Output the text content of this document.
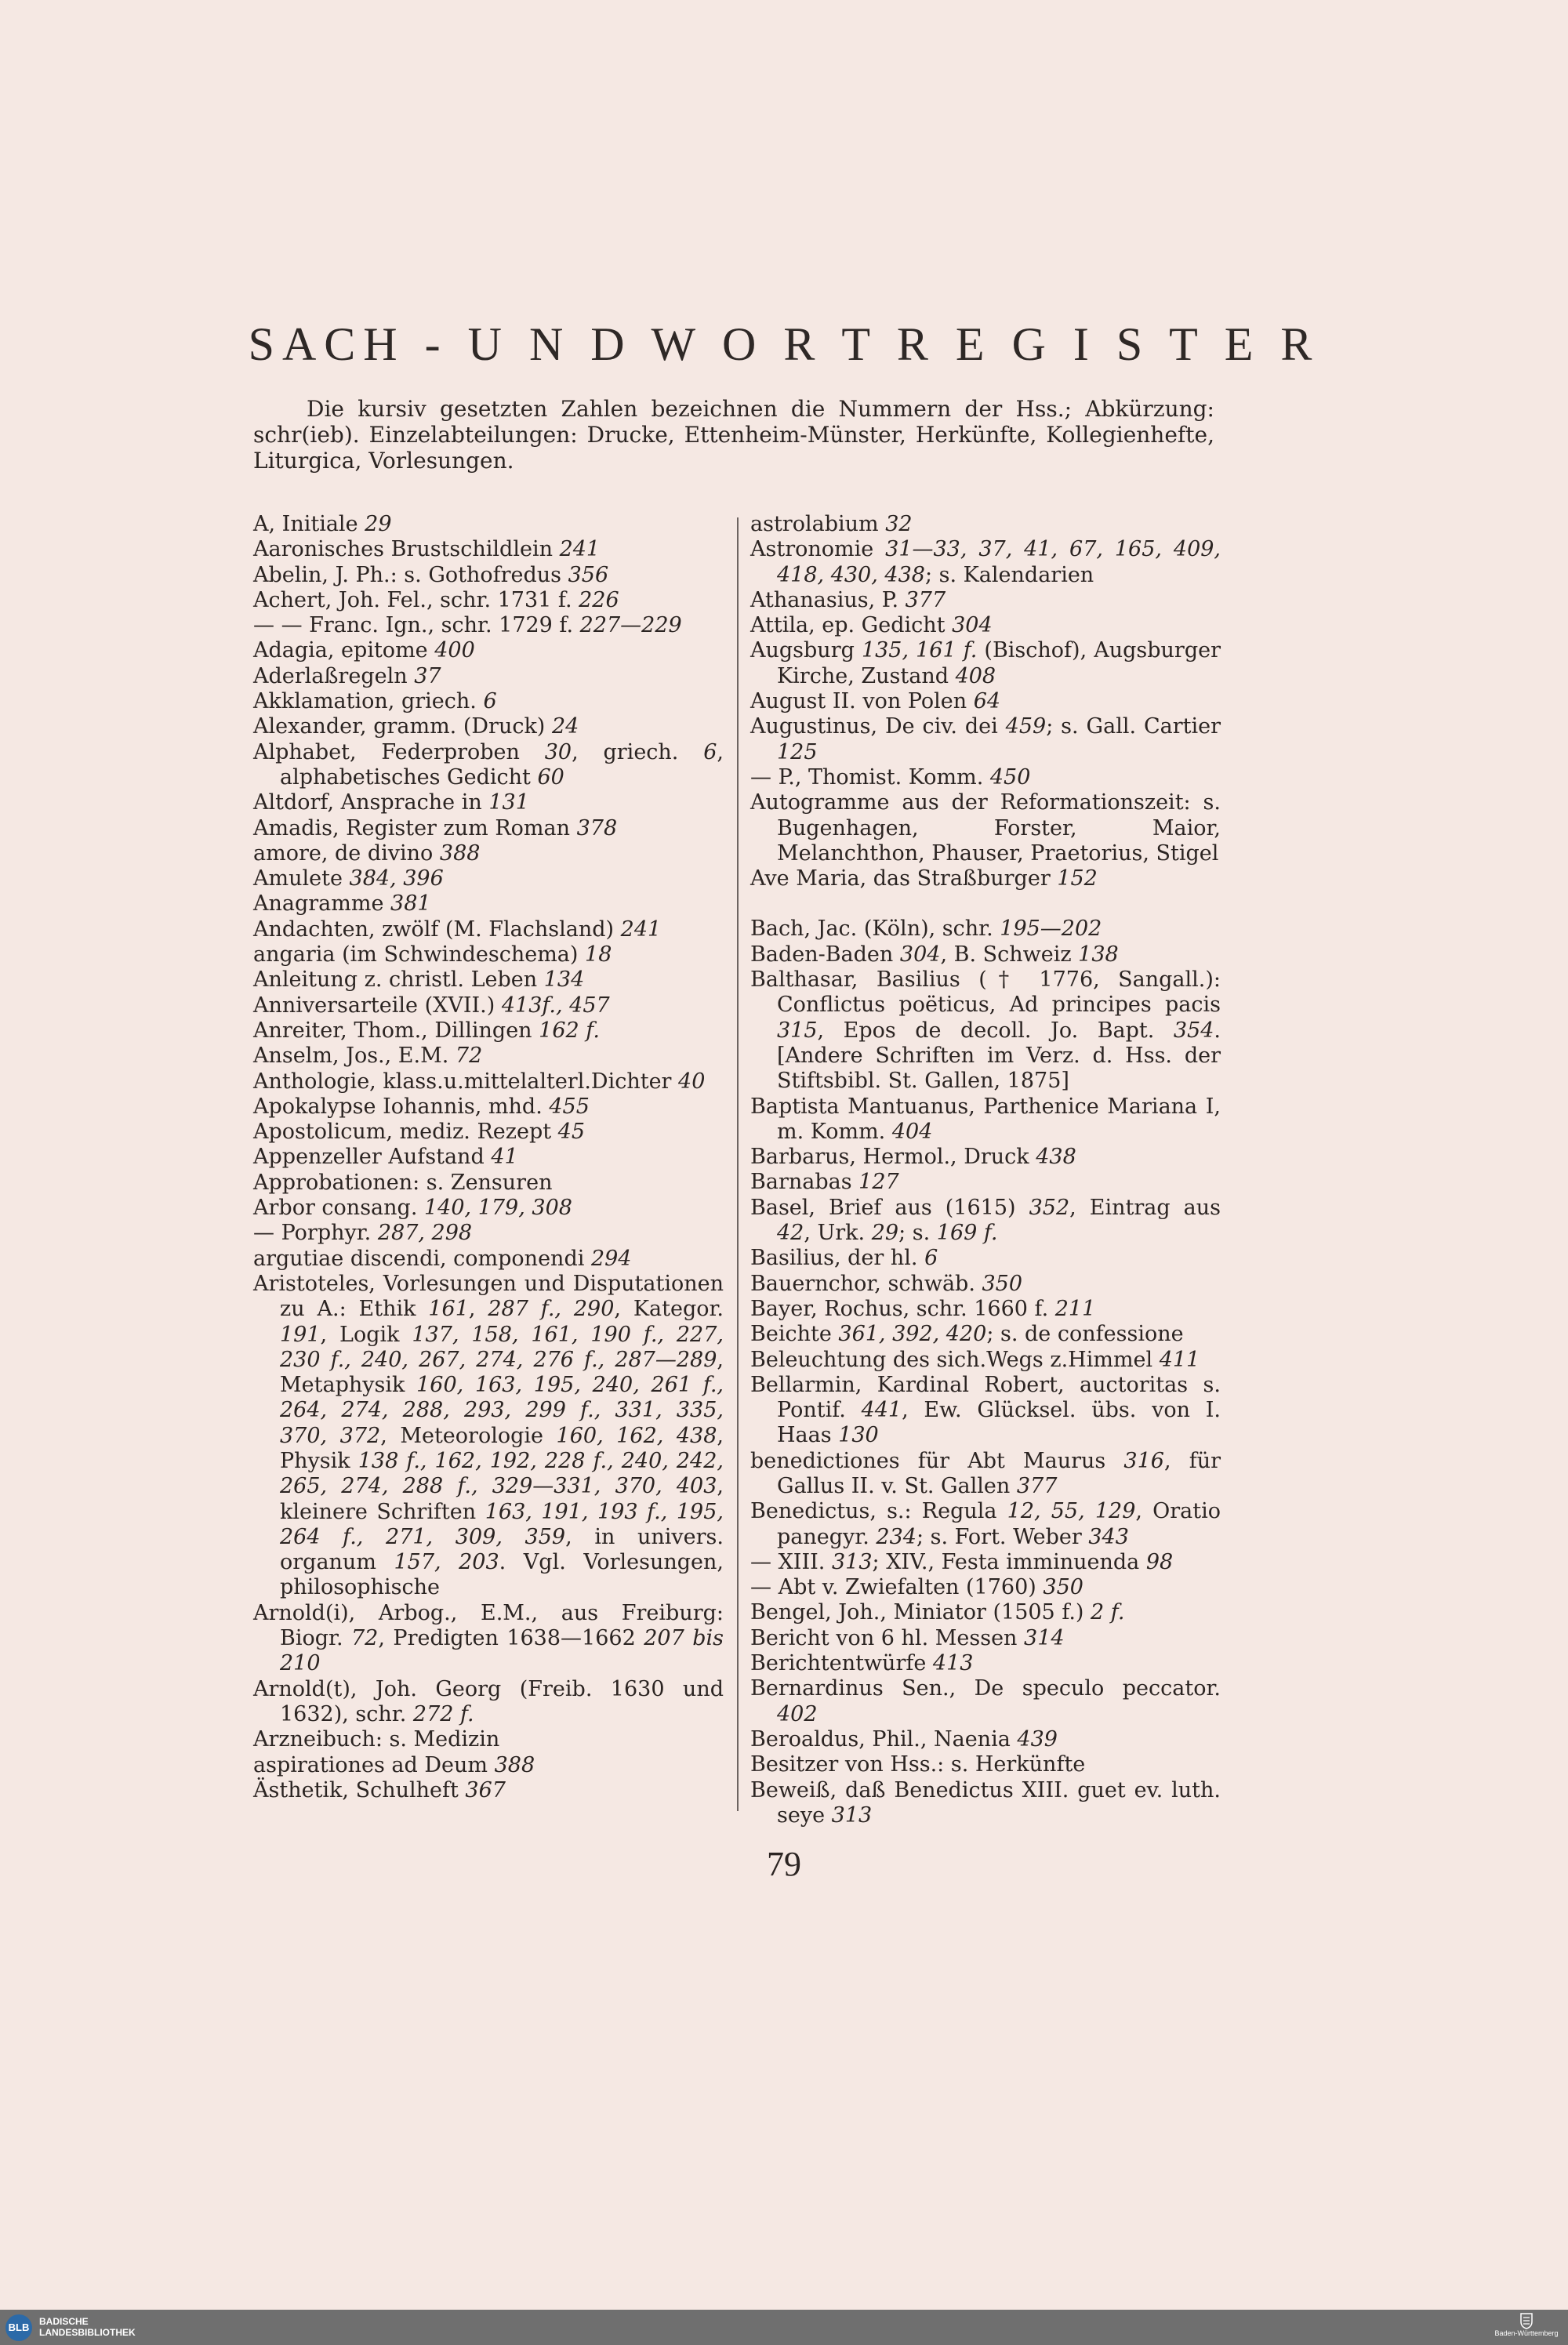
SACH - U N D W O R T R E G I S T E R

Die kursiv gesetzten Zahlen bezeichnen die Nummern der Hss.; Abkürzung: schr(ieb). Einzelabteilungen: Drucke, Ettenheim-Münster, Herkünfte, Kollegienhefte, Liturgica, Vorlesungen.

A, Initiale 29
Aaronisches Brustschildlein 241
Abelin, J. Ph.: s. Gothofredus 356
Achert, Joh. Fel., schr. 1731 f. 226
— — Franc. Ign., schr. 1729 f. 227—229
Adagia, epitome 400
Aderlaßregeln 37
Akklamation, griech. 6
Alexander, gramm. (Druck) 24
Alphabet, Federproben 30, griech. 6, alphabetisches Gedicht 60
Altdorf, Ansprache in 131
Amadis, Register zum Roman 378
amore, de divino 388
Amulete 384, 396
Anagramme 381
Andachten, zwölf (M. Flachsland) 241
angaria (im Schwindeschema) 18
Anleitung z. christl. Leben 134
Anniversarteile (XVII.) 413f., 457
Anreiter, Thom., Dillingen 162 f.
Anselm, Jos., E.M. 72
Anthologie, klass.u.mittelalterl.Dichter 40
Apokalypse Iohannis, mhd. 455
Apostolicum, mediz. Rezept 45
Appenzeller Aufstand 41
Approbationen: s. Zensuren
Arbor consang. 140, 179, 308
— Porphyr. 287, 298
argutiae discendi, componendi 294
Aristoteles, Vorlesungen und Disputationen zu A.: Ethik 161, 287 f., 290, Kategor. 191, Logik 137, 158, 161, 190 f., 227, 230 f., 240, 267, 274, 276 f., 287—289, Metaphysik 160, 163, 195, 240, 261 f., 264, 274, 288, 293, 299 f., 331, 335, 370, 372, Meteorologie 160, 162, 438, Physik 138 f., 162, 192, 228 f., 240, 242, 265, 274, 288 f., 329—331, 370, 403, kleinere Schriften 163, 191, 193 f., 195, 264 f., 271, 309, 359, in univers. organum 157, 203. Vgl. Vorlesungen, philosophische
Arnold(i), Arbog., E.M., aus Freiburg: Biogr. 72, Predigten 1638—1662 207 bis 210
Arnold(t), Joh. Georg (Freib. 1630 und 1632), schr. 272 f.
Arzneibuch: s. Medizin
aspirationes ad Deum 388
Ästhetik, Schulheft 367
astrolabium 32
Astronomie 31—33, 37, 41, 67, 165, 409, 418, 430, 438; s. Kalendarien
Athanasius, P. 377
Attila, ep. Gedicht 304
Augsburg 135, 161 f. (Bischof), Augsburger Kirche, Zustand 408
August II. von Polen 64
Augustinus, De civ. dei 459; s. Gall. Cartier 125
— P., Thomist. Komm. 450
Autogramme aus der Reformationszeit: s. Bugenhagen, Forster, Maior, Melanchthon, Phauser, Praetorius, Stigel
Ave Maria, das Straßburger 152
Bach, Jac. (Köln), schr. 195—202
Baden-Baden 304, B. Schweiz 138
Balthasar, Basilius († 1776, Sangall.): Conflictus poëticus, Ad principes pacis 315, Epos de decoll. Jo. Bapt. 354. [Andere Schriften im Verz. d. Hss. der Stiftsbibl. St. Gallen, 1875]
Baptista Mantuanus, Parthenice Mariana I, m. Komm. 404
Barbarus, Hermol., Druck 438
Barnabas 127
Basel, Brief aus (1615) 352, Eintrag aus 42, Urk. 29; s. 169 f.
Basilius, der hl. 6
Bauernchor, schwäb. 350
Bayer, Rochus, schr. 1660 f. 211
Beichte 361, 392, 420; s. de confessione
Beleuchtung des sich.Wegs z.Himmel 411
Bellarmin, Kardinal Robert, auctoritas s. Pontif. 441, Ew. Glücksel. übs. von I. Haas 130
benedictiones für Abt Maurus 316, für Gallus II. v. St. Gallen 377
Benedictus, s.: Regula 12, 55, 129, Oratio panegyr. 234; s. Fort. Weber 343
— XIII. 313; XIV., Festa imminuenda 98
— Abt v. Zwiefalten (1760) 350
Bengel, Joh., Miniator (1505 f.) 2 f.
Bericht von 6 hl. Messen 314
Berichtentwürfe 413
Bernardinus Sen., De speculo peccator. 402
Beroaldus, Phil., Naenia 439
Besitzer von Hss.: s. Herkünfte
Beweiß, daß Benedictus XIII. guet ev. luth. seye 313
79
BLB	BADISCHE
LANDESBIBLIOTHEK	Baden-Württemberg
